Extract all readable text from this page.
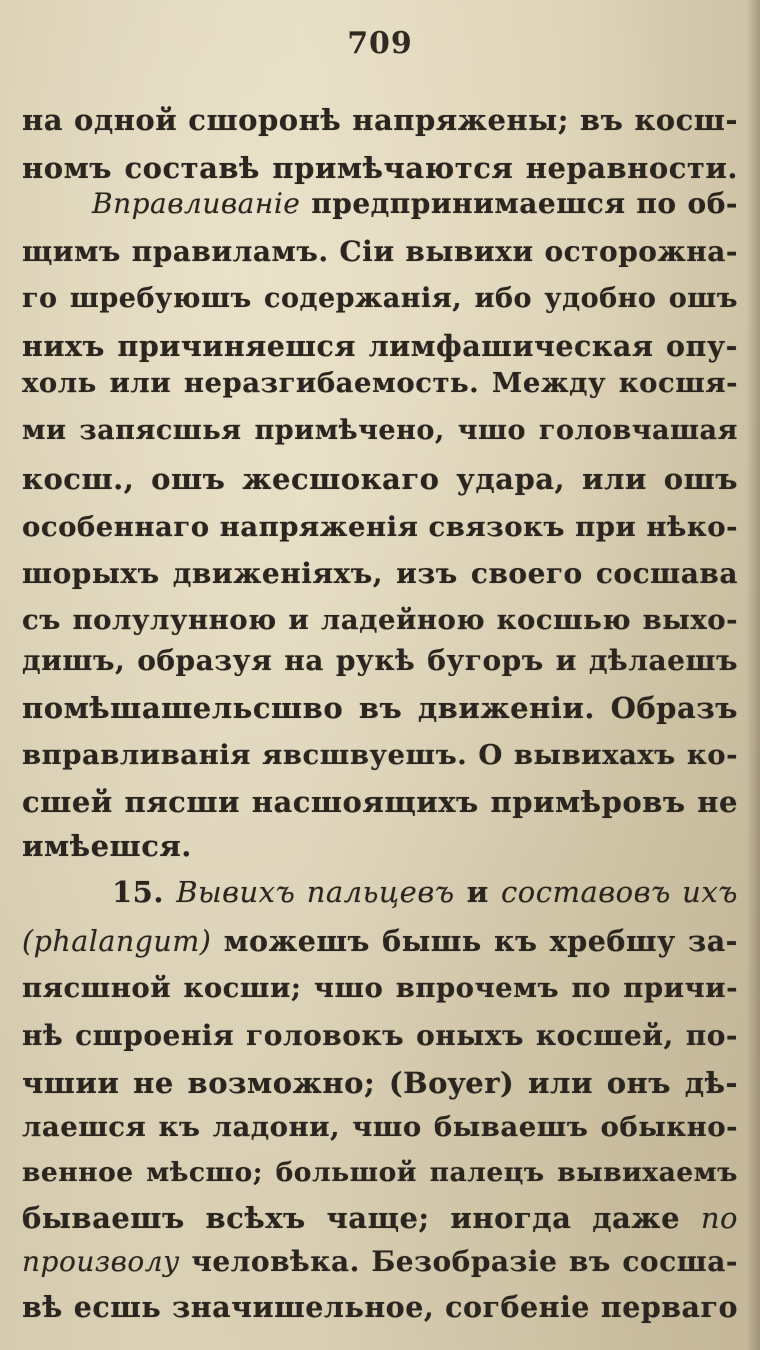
709
на одной сшоронѣ напряжены; въ косш-
номъ составѣ примѣчаются неравности.
Вправливаніе предпринимаешся по об-
щимъ правиламъ. Сіи вывихи осторожна-
го шребуюшъ содержанія, ибо удобно ошъ
нихъ причиняешся лимфашическая опу-
холь или неразгибаемость. Между косшя-
ми запясшья примѣчено, чшо головчашая
косш., ошъ жесшокаго удара, или ошъ
особеннаго напряженія связокъ при нѣко-
шорыхъ движеніяхъ, изъ своего сосшава
съ полулунною и ладейною косшью выхо-
дишъ, образуя на рукѣ бугоръ и дѣлаешъ
помѣшашельсшво въ движеніи. Образъ
вправливанія явсшвуешъ. О вывихахъ ко-
сшей пясши насшоящихъ примѣровъ не
имѣешся.
15. Вывихъ пальцевъ и составовъ ихъ
(phalangum) можешъ бышь къ хребшу за-
пясшной косши; чшо впрочемъ по причи-
нѣ сшроенія головокъ оныхъ косшей, по-
чшии не возможно; (Boyer) или онъ дѣ-
лаешся къ ладони, чшо бываешъ обыкно-
венное мѣсшо; большой палецъ вывихаемъ
бываешъ всѣхъ чаще; иногда даже по
произволу человѣка. Безобразіе въ сосша-
вѣ есшь значишельное, согбеніе перваго
